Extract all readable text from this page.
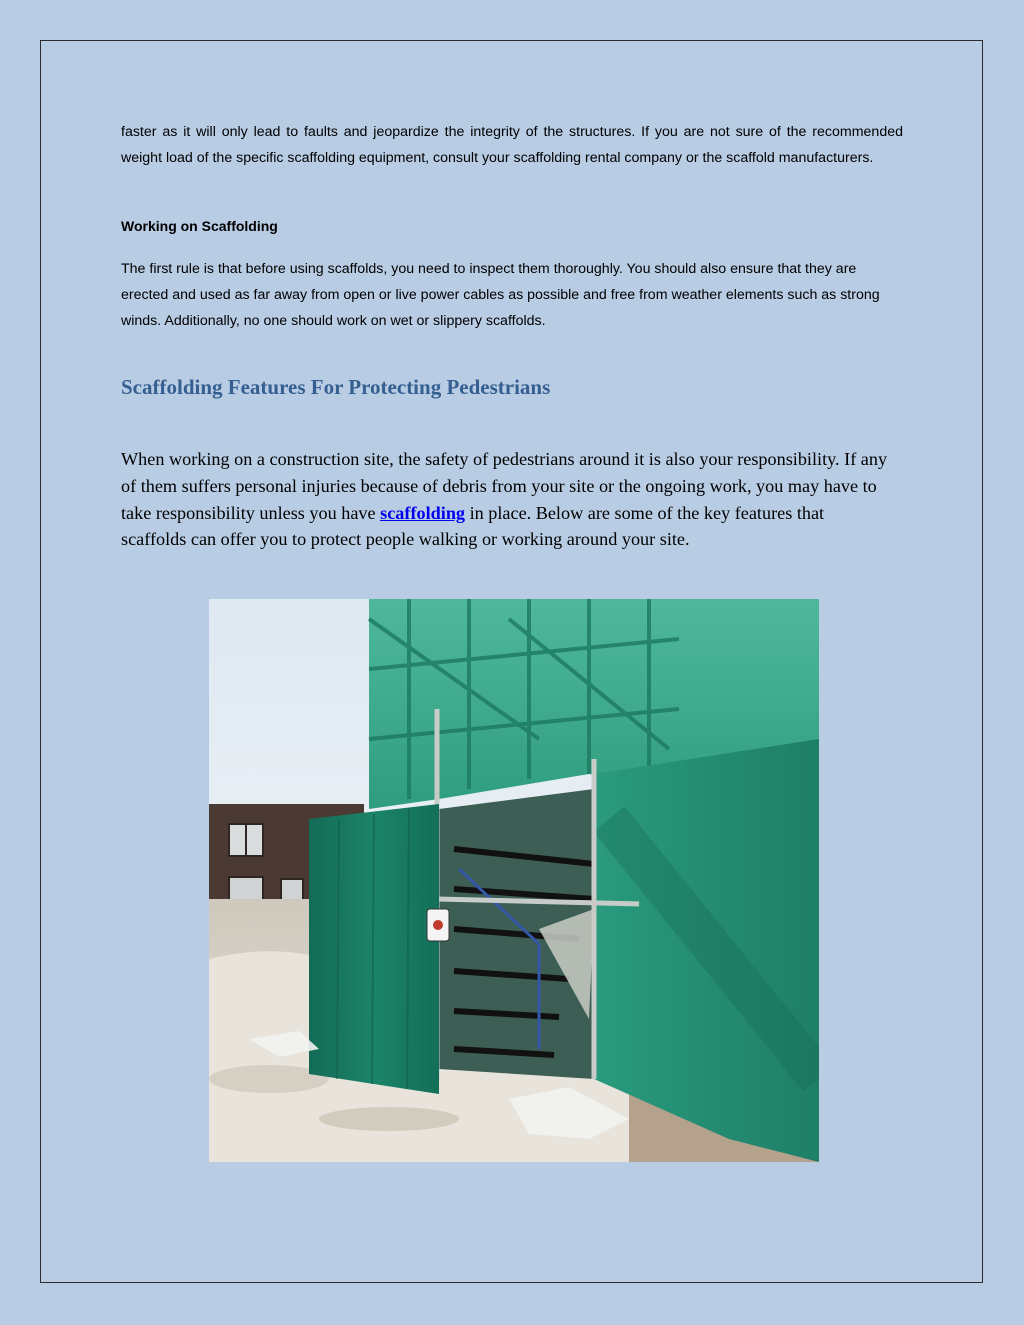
faster as it will only lead to faults and jeopardize the integrity of the structures. If you are not sure of the recommended weight load of the specific scaffolding equipment, consult your scaffolding rental company or the scaffold manufacturers.

Working on Scaffolding

The first rule is that before using scaffolds, you need to inspect them thoroughly. You should also ensure that they are erected and used as far away from open or live power cables as possible and free from weather elements such as strong winds. Additionally, no one should work on wet or slippery scaffolds.

Scaffolding Features For Protecting Pedestrians

When working on a construction site, the safety of pedestrians around it is also your responsibility. If any of them suffers personal injuries because of debris from your site or the ongoing work, you may have to take responsibility unless you have scaffolding in place. Below are some of the key features that scaffolds can offer you to protect people walking or working around your site.
